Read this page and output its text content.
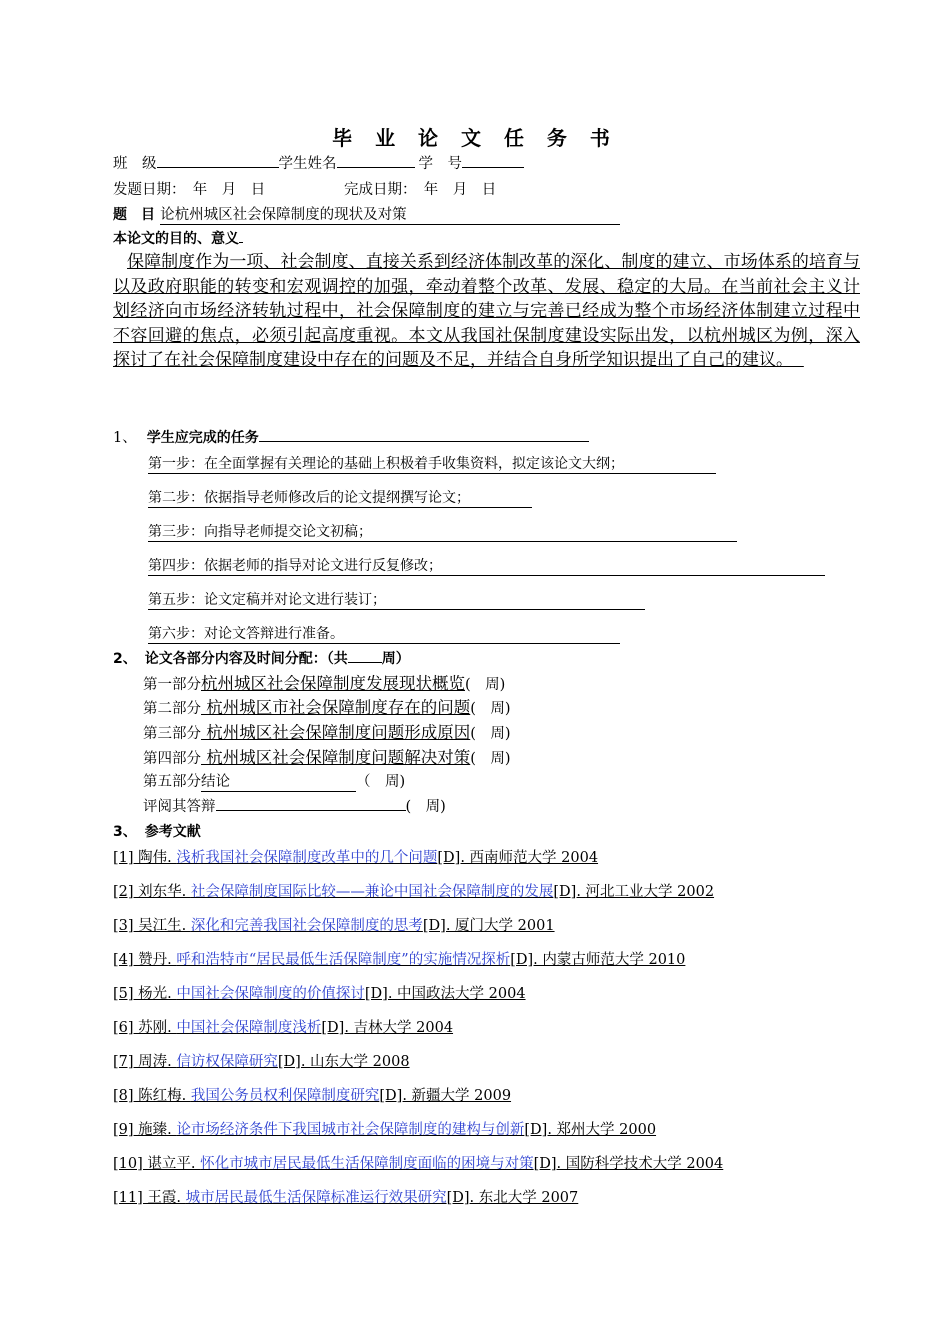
毕 业 论 文 任 务 书
班　级	学生姓名	学　号
发题日期：　年　月　日	完成日期：　年　月　日
题　目 论杭州城区社会保障制度的现状及对策
本论文的目的、意义
保障制度作为一项、社会制度、直接关系到经济体制改革的深化、制度的建立、市场体系的培育与以及政府职能的转变和宏观调控的加强，牵动着整个改革、发展、稳定的大局。在当前社会主义计划经济向市场经济转轨过程中，社会保障制度的建立与完善已经成为整个市场经济体制建立过程中不容回避的焦点，必须引起高度重视。本文从我国社保制度建设实际出发，以杭州城区为例，深入探讨了在社会保障制度建设中存在的问题及不足，并结合自身所学知识提出了自己的建议。
1、 学生应完成的任务
第一步：在全面掌握有关理论的基础上积极着手收集资料，拟定该论文大纲；
第二步：依据指导老师修改后的论文提纲撰写论文；
第三步：向指导老师提交论文初稿；
第四步：依据老师的指导对论文进行反复修改；
第五步：论文定稿并对论文进行装订；
第六步：对论文答辩进行准备。
2、 论文各部分内容及时间分配：（共 周）
第一部分杭州城区社会保障制度发展现状概览(　周)
第二部分 杭州城区市社会保障制度存在的问题(　周)
第三部分 杭州城区社会保障制度问题形成原因(　周)
第四部分 杭州城区社会保障制度问题解决对策(　周)
第五部分结论	（　周)
评阅其答辩	(　周)
3、 参考文献
[1] 陶伟. 浅析我国社会保障制度改革中的几个问题[D]. 西南师范大学 2004
[2] 刘东华. 社会保障制度国际比较——兼论中国社会保障制度的发展[D]. 河北工业大学 2002
[3] 吴江生. 深化和完善我国社会保障制度的思考[D]. 厦门大学 2001
[4] 赞丹. 呼和浩特市“居民最低生活保障制度”的实施情况探析[D]. 内蒙古师范大学 2010
[5] 杨光. 中国社会保障制度的价值探讨[D]. 中国政法大学 2004
[6] 苏刚. 中国社会保障制度浅析[D]. 吉林大学 2004
[7] 周涛. 信访权保障研究[D]. 山东大学 2008
[8] 陈红梅. 我国公务员权利保障制度研究[D]. 新疆大学 2009
[9] 施臻. 论市场经济条件下我国城市社会保障制度的建构与创新[D]. 郑州大学 2000
[10] 谌立平. 怀化市城市居民最低生活保障制度面临的困境与对策[D]. 国防科学技术大学 2004
[11] 王霞. 城市居民最低生活保障标准运行效果研究[D]. 东北大学 2007
